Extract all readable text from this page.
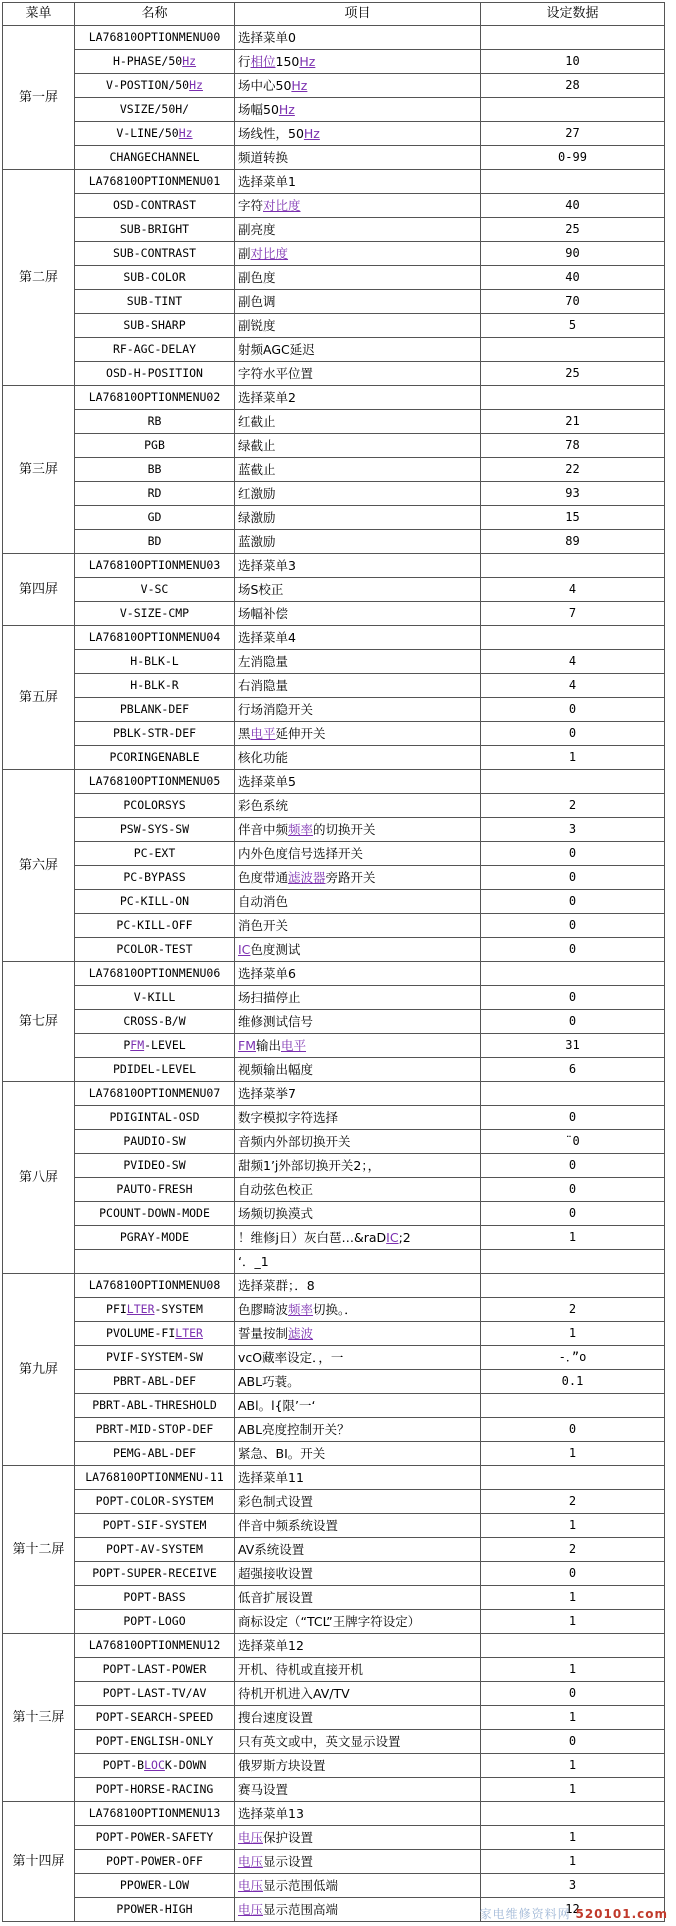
菜单	名称	项目	设定数据
第一屏	LA76810OPTIONMENU00	选择菜单0	
	H-PHASE/50Hz	行相位150Hz	10
	V-POSTION/50Hz	场中心50Hz	28
	VSIZE/50H/	场幅50Hz	
	V-LINE/50Hz	场线性，50Hz	27
	CHANGECHANNEL	频道转换	0-99
第二屏	LA76810OPTIONMENU01	选择菜单1	
	OSD-CONTRAST	字符对比度	40
	SUB-BRIGHT	副亮度	25
	SUB-CONTRAST	副对比度	90
	SUB-COLOR	副色度	40
	SUB-TINT	副色调	70
	SUB-SHARP	副锐度	5
	RF-AGC-DELAY	射频AGC延迟	
	OSD-H-POSITION	字符水平位置	25
第三屏	LA76810OPTIONMENU02	选择菜单2	
	RB	红截止	21
	PGB	绿截止	78
	BB	蓝截止	22
	RD	红激励	93
	GD	绿激励	15
	BD	蓝激励	89
第四屏	LA76810OPTIONMENU03	选择菜单3	
	V-SC	场S校正	4
	V-SIZE-CMP	场幅补偿	7
第五屏	LA76810OPTIONMENU04	选择菜单4	
	H-BLK-L	左消隐量	4
	H-BLK-R	右消隐量	4
	PBLANK-DEF	行场消隐开关	0
	PBLK-STR-DEF	黑电平延伸开关	0
	PCORINGENABLE	核化功能	1
第六屏	LA76810OPTIONMENU05	选择菜单5	
	PCOLORSYS	彩色系统	2
	PSW-SYS-SW	伴音中频频率的切换开关	3
	PC-EXT	内外色度信号选择开关	0
	PC-BYPASS	色度带通滤波器旁路开关	0
	PC-KILL-ON	自动消色	0
	PC-KILL-OFF	消色开关	0
	PCOLOR-TEST	IC色度测试	0
第七屏	LA76810OPTIONMENU06	选择菜单6	
	V-KILL	场扫描停止	0
	CROSS-B/W	维修测试信号	0
	PFM-LEVEL	FM输出电平	31
	PDIDEL-LEVEL	视频输出幅度	6
第八屏	LA76810OPTIONMENU07	选择菜挙7	
	PDIGINTAL-OSD	数字模拟字符选择	0
	PAUDIO-SW	音频内外部切换开关	¨0
	PVIDEO-SW	甜频1’j外部切换开关2；，	0
	PAUTO-FRESH	自动弦色校正	0
	PCOUNT-DOWN-MODE	场频切换漠式	0
	PGRAY-MODE	！维修j日）灰白琶…&raDIC;2	1
		‘．_1	
第九屏	LA76810OPTIONMENU08	选择菜群；．8	
	PFILTER-SYSTEM	色膠畸波频率切换。．	2
	PVOLUME-FILTER	誓量按制滤波	1
	PVIF-SYSTEM-SW	vcO藏率设定．，一	-．”o
	PBRT-ABL-DEF	ABL巧蓑。	0.1
	PBRT-ABL-THRESHOLD	ABl。l{限’一‘	
	PBRT-MID-STOP-DEF	ABL亮度控制开关？	0
	PEMG-ABL-DEF	紧急、BI。开关	1
第十二屏	LA76810OPTIONMENU-11	选择菜单11	
	POPT-COLOR-SYSTEM	彩色制式设置	2
	POPT-SIF-SYSTEM	伴音中频系统设置	1
	POPT-AV-SYSTEM	AV系统设置	2
	POPT-SUPER-RECEIVE	超强接收设置	0
	POPT-BASS	低音扩展设置	1
	POPT-LOGO	商标设定（“TCL”王牌字符设定）	1
第十三屏	LA76810OPTIONMENU12	选择菜单12	
	POPT-LAST-POWER	开机、待机或直接开机	1
	POPT-LAST-TV/AV	待机开机进入AV/TV	0
	POPT-SEARCH-SPEED	搜台速度设置	1
	POPT-ENGLISH-ONLY	只有英文或中，英文显示设置	0
	POPT-BLOCK-DOWN	俄罗斯方块设置	1
	POPT-HORSE-RACING	赛马设置	1
第十四屏	LA76810OPTIONMENU13	选择菜单13	
	POPT-POWER-SAFETY	电压保护设置	1
	POPT-POWER-OFF	电压显示设置	1
	PPOWER-LOW	电压显示范围低端	3
	PPOWER-HIGH	电压显示范围高端	12
家电维修资料网 520101.com
